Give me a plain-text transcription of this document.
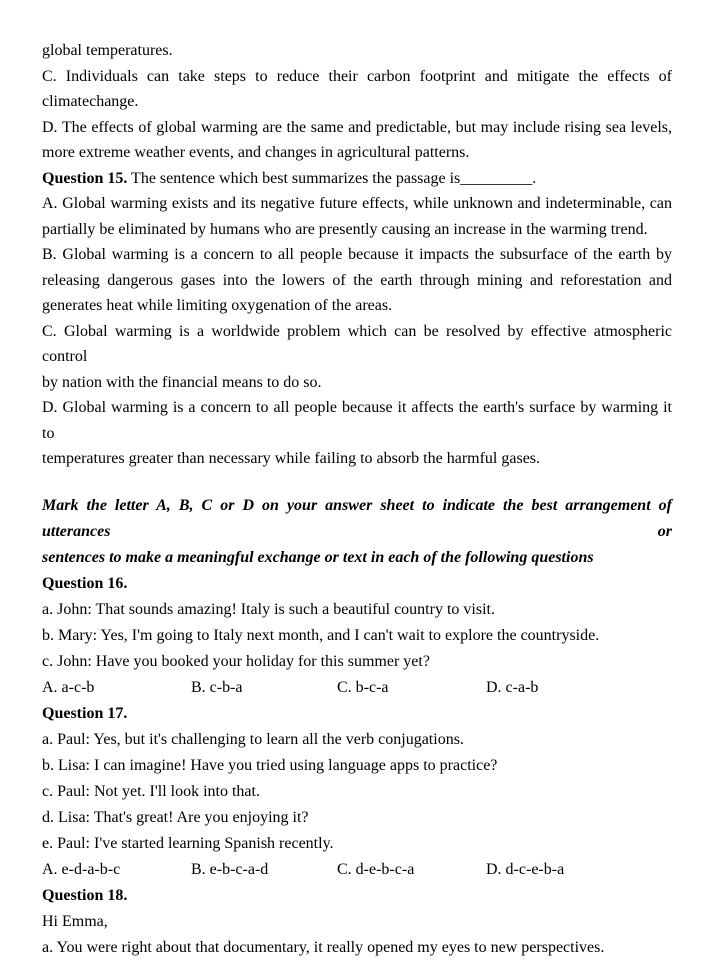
global temperatures.

C. Individuals can take steps to reduce their carbon footprint and mitigate the effects of

climatechange.

D. The effects of global warming are the same and predictable, but may include rising sea levels,

more extreme weather events, and changes in agricultural patterns.

Question 15. The sentence which best summarizes the passage is_________.

A. Global warming exists and its negative future effects, while unknown and indeterminable, can

partially be eliminated by humans who are presently causing an increase in the warming trend.

B. Global warming is a concern to all people because it impacts the subsurface of the earth by

releasing dangerous gases into the lowers of the earth through mining and reforestation and

generates heat while limiting oxygenation of the areas.

C. Global warming is a worldwide problem which can be resolved by effective atmospheric control

by nation with the financial means to do so.

D. Global warming is a concern to all people because it affects the earth's surface by warming it to

temperatures greater than necessary while failing to absorb the harmful gases.

Mark the letter A, B, C or D on your answer sheet to indicate the best arrangement of utterances or

sentences to make a meaningful exchange or text in each of the following questions

Question 16.

a. John: That sounds amazing! Italy is such a beautiful country to visit.

b. Mary: Yes, I'm going to Italy next month, and I can't wait to explore the countryside.

c. John: Have you booked your holiday for this summer yet?

A. a-c-b	B. c-b-a	C. b-c-a	D. c-a-b

Question 17.

a. Paul: Yes, but it's challenging to learn all the verb conjugations.

b. Lisa: I can imagine! Have you tried using language apps to practice?

c. Paul: Not yet. I'll look into that.

d. Lisa: That's great! Are you enjoying it?

e. Paul: I've started learning Spanish recently.

A. e-d-a-b-c	B. e-b-c-a-d	C. d-e-b-c-a	D. d-c-e-b-a

Question 18.

Hi Emma,

a. You were right about that documentary, it really opened my eyes to new perspectives.
